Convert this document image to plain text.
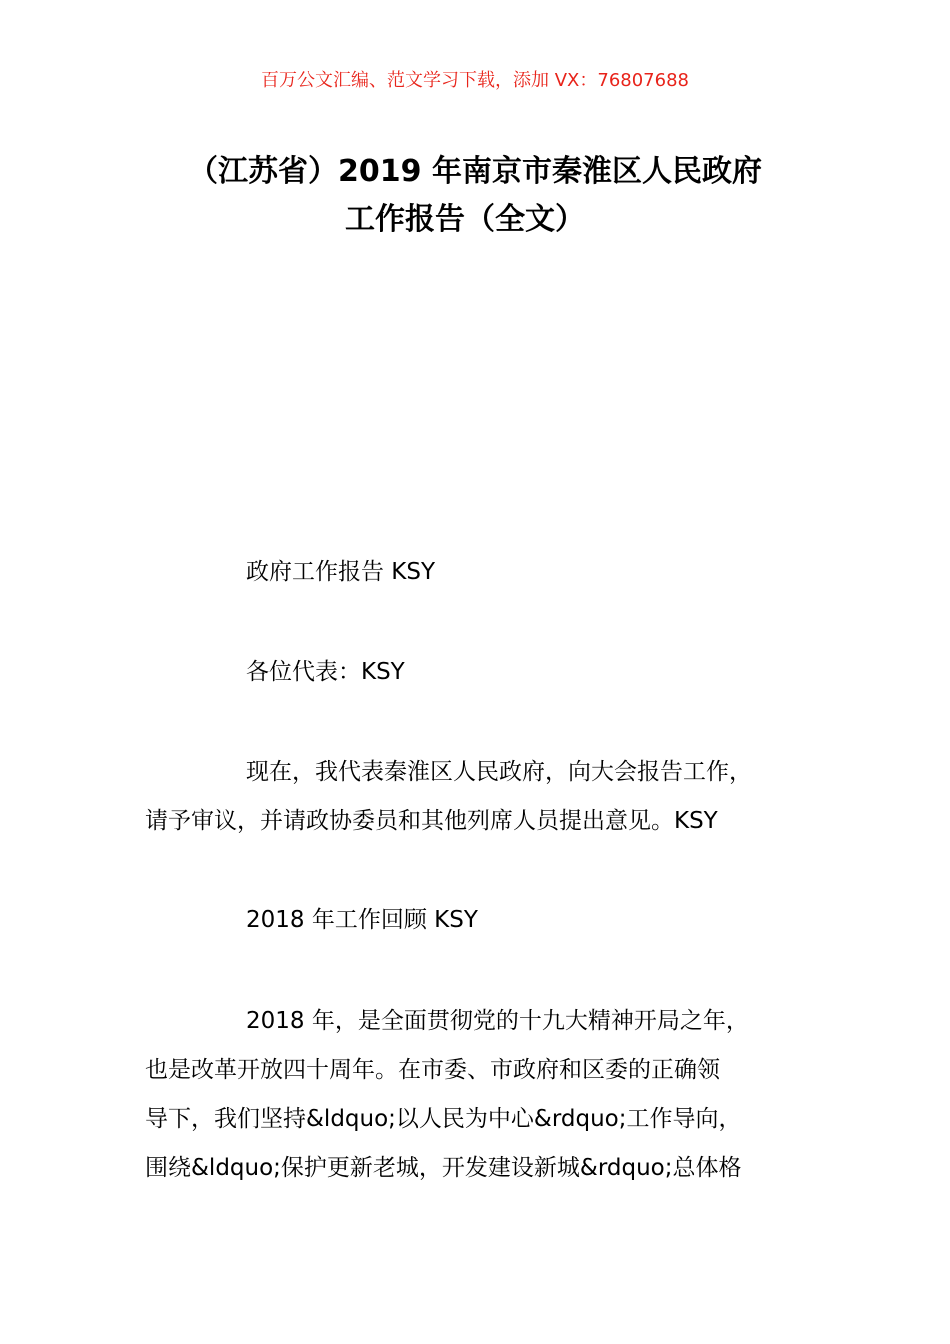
百万公文汇编、范文学习下载，添加 VX：76807688
（江苏省）2019 年南京市秦淮区人民政府
工作报告（全文）
政府工作报告 KSY
各位代表：KSY
现在，我代表秦淮区人民政府，向大会报告工作，
请予审议，并请政协委员和其他列席人员提出意见。KSY
2018 年工作回顾 KSY
2018 年，是全面贯彻党的十九大精神开局之年，
也是改革开放四十周年。在市委、市政府和区委的正确领
导下，我们坚持&ldquo;以人民为中心&rdquo;工作导向，
围绕&ldquo;保护更新老城，开发建设新城&rdquo;总体格
